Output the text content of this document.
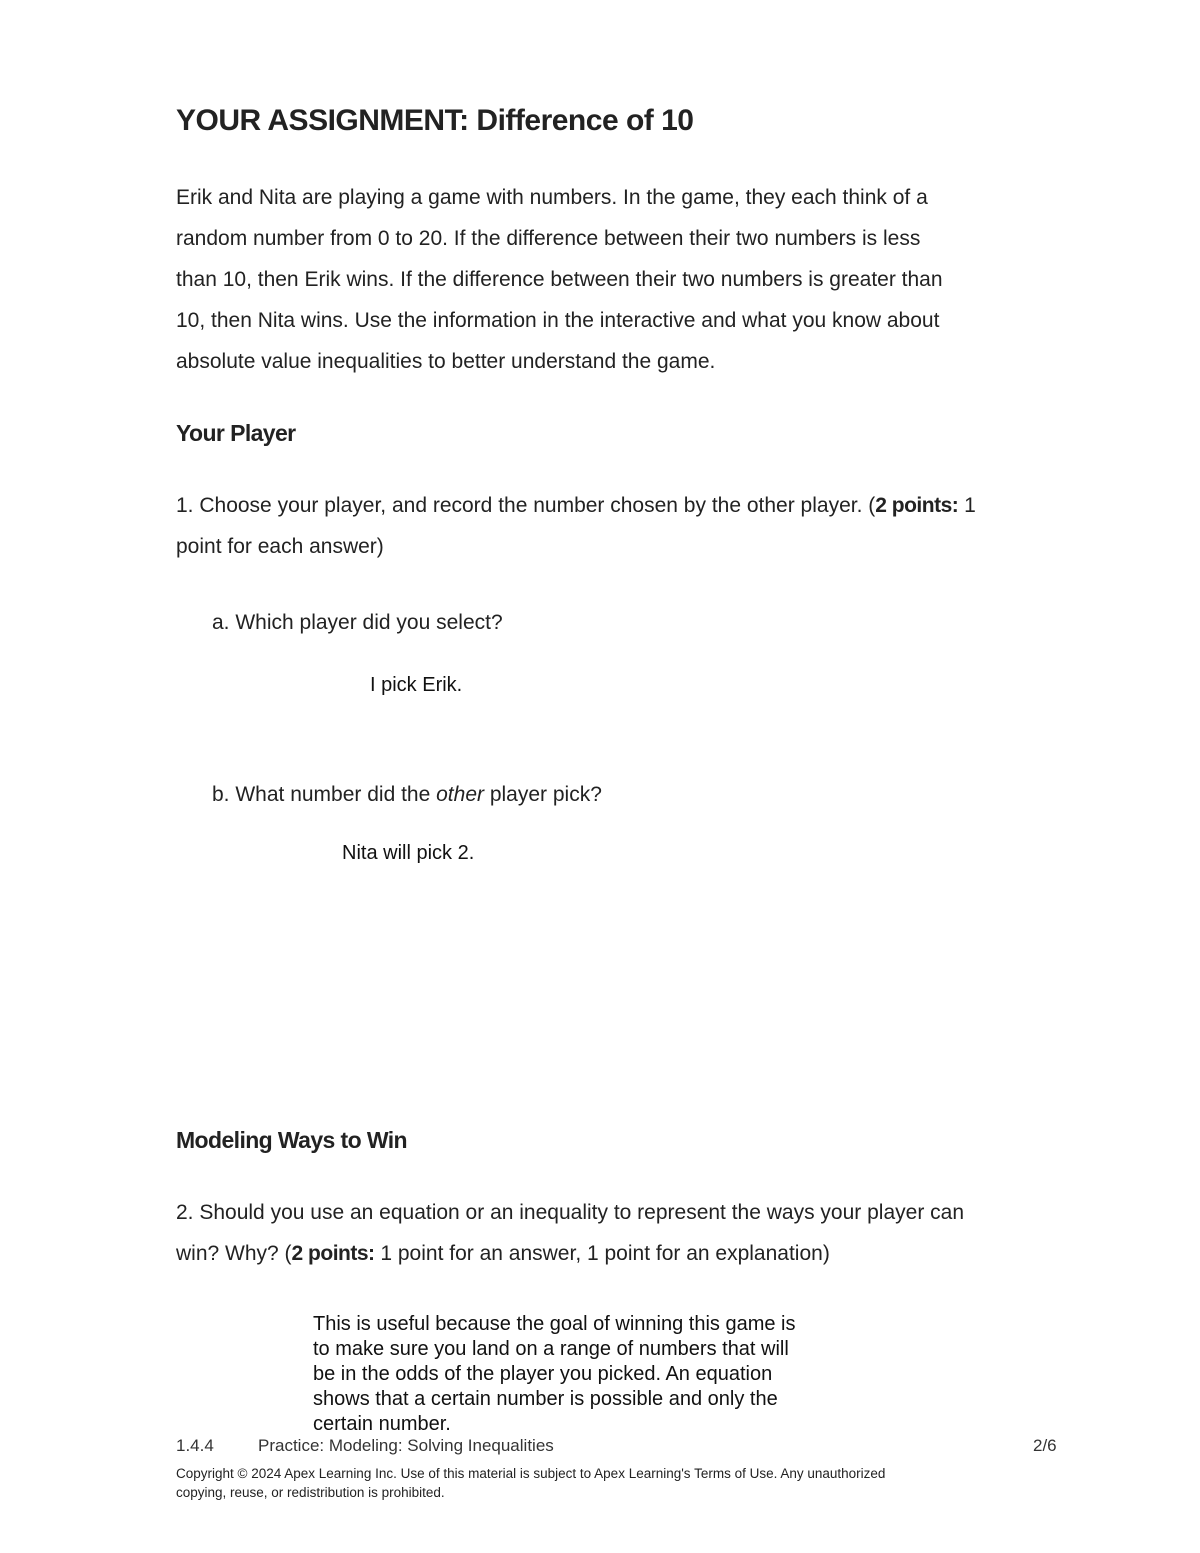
YOUR ASSIGNMENT: Difference of 10
Erik and Nita are playing a game with numbers. In the game, they each think of a
random number from 0 to 20. If the difference between their two numbers is less
than 10, then Erik wins. If the difference between their two numbers is greater than
10, then Nita wins. Use the information in the interactive and what you know about
absolute value inequalities to better understand the game.
Your Player
1. Choose your player, and record the number chosen by the other player. (2 points: 1
point for each answer)
a. Which player did you select?
I pick Erik.
b. What number did the other player pick?
Nita will pick 2.
Modeling Ways to Win
2. Should you use an equation or an inequality to represent the ways your player can
win? Why? (2 points: 1 point for an answer, 1 point for an explanation)
This is useful because the goal of winning this game is
to make sure you land on a range of numbers that will
be in the odds of the player you picked. An equation
shows that a certain number is possible and only the
certain number.
1.4.4	Practice: Modeling: Solving Inequalities	2/6
Copyright © 2024 Apex Learning Inc. Use of this material is subject to Apex Learning's Terms of Use. Any unauthorized
copying, reuse, or redistribution is prohibited.
